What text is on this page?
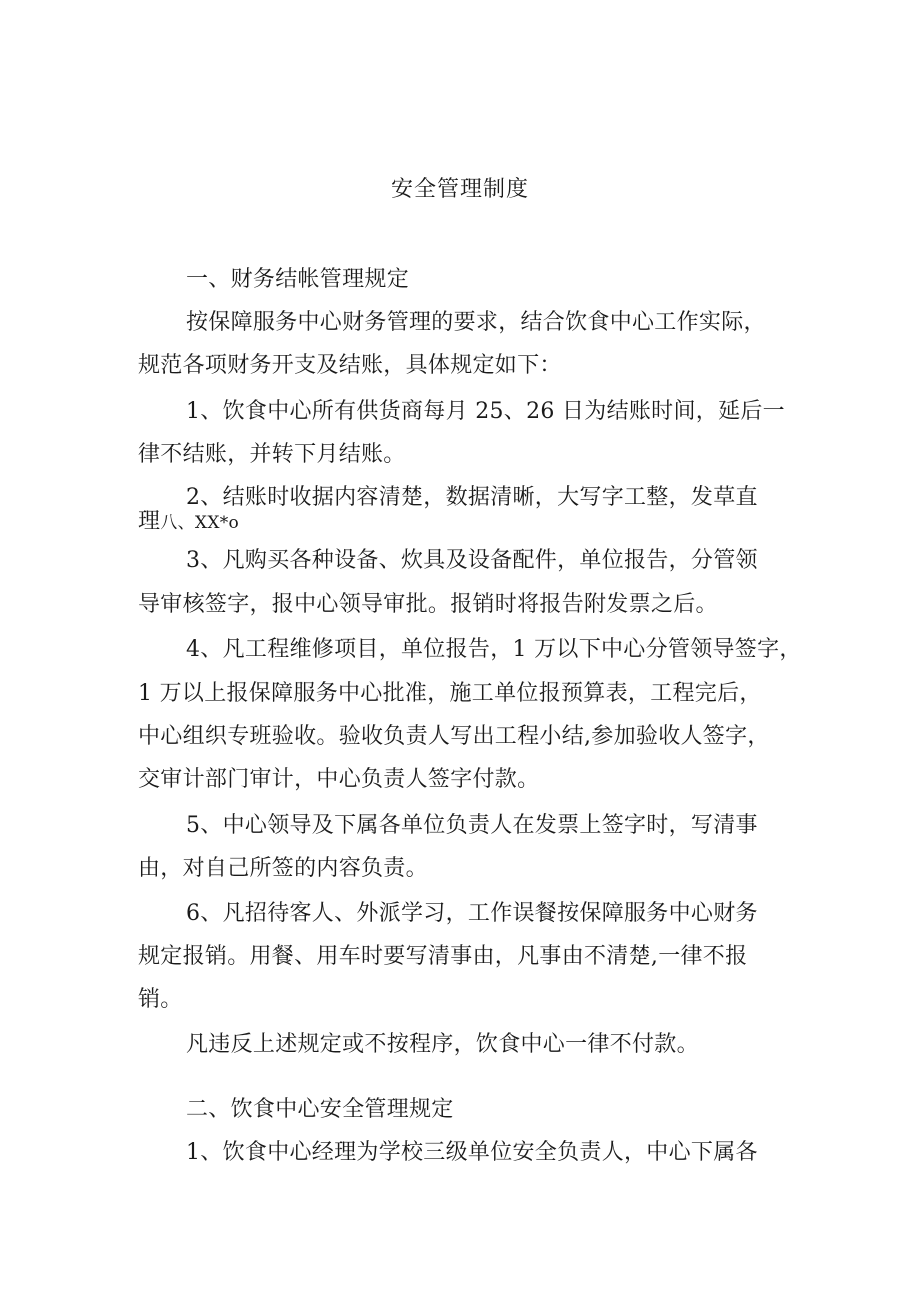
安全管理制度
一、财务结帐管理规定
按保障服务中心财务管理的要求，结合饮食中心工作实际，
规范各项财务开支及结账，具体规定如下：
1、饮食中心所有供货商每月 25、26 日为结账时间，延后一
律不结账，并转下月结账。
2、结账时收据内容清楚，数据清晰，大写字工整，发草直
理八、XX*o
3、凡购买各种设备、炊具及设备配件，单位报告，分管领
导审核签字，报中心领导审批。报销时将报告附发票之后。
4、凡工程维修项目，单位报告，1 万以下中心分管领导签字，
1 万以上报保障服务中心批准，施工单位报预算表，工程完后，
中心组织专班验收。验收负责人写出工程小结,参加验收人签字，
交审计部门审计，中心负责人签字付款。
5、中心领导及下属各单位负责人在发票上签字时，写清事
由，对自己所签的内容负责。
6、凡招待客人、外派学习，工作误餐按保障服务中心财务
规定报销。用餐、用车时要写清事由，凡事由不清楚,一律不报
销。
凡违反上述规定或不按程序，饮食中心一律不付款。
二、饮食中心安全管理规定
1、饮食中心经理为学校三级单位安全负责人，中心下属各
